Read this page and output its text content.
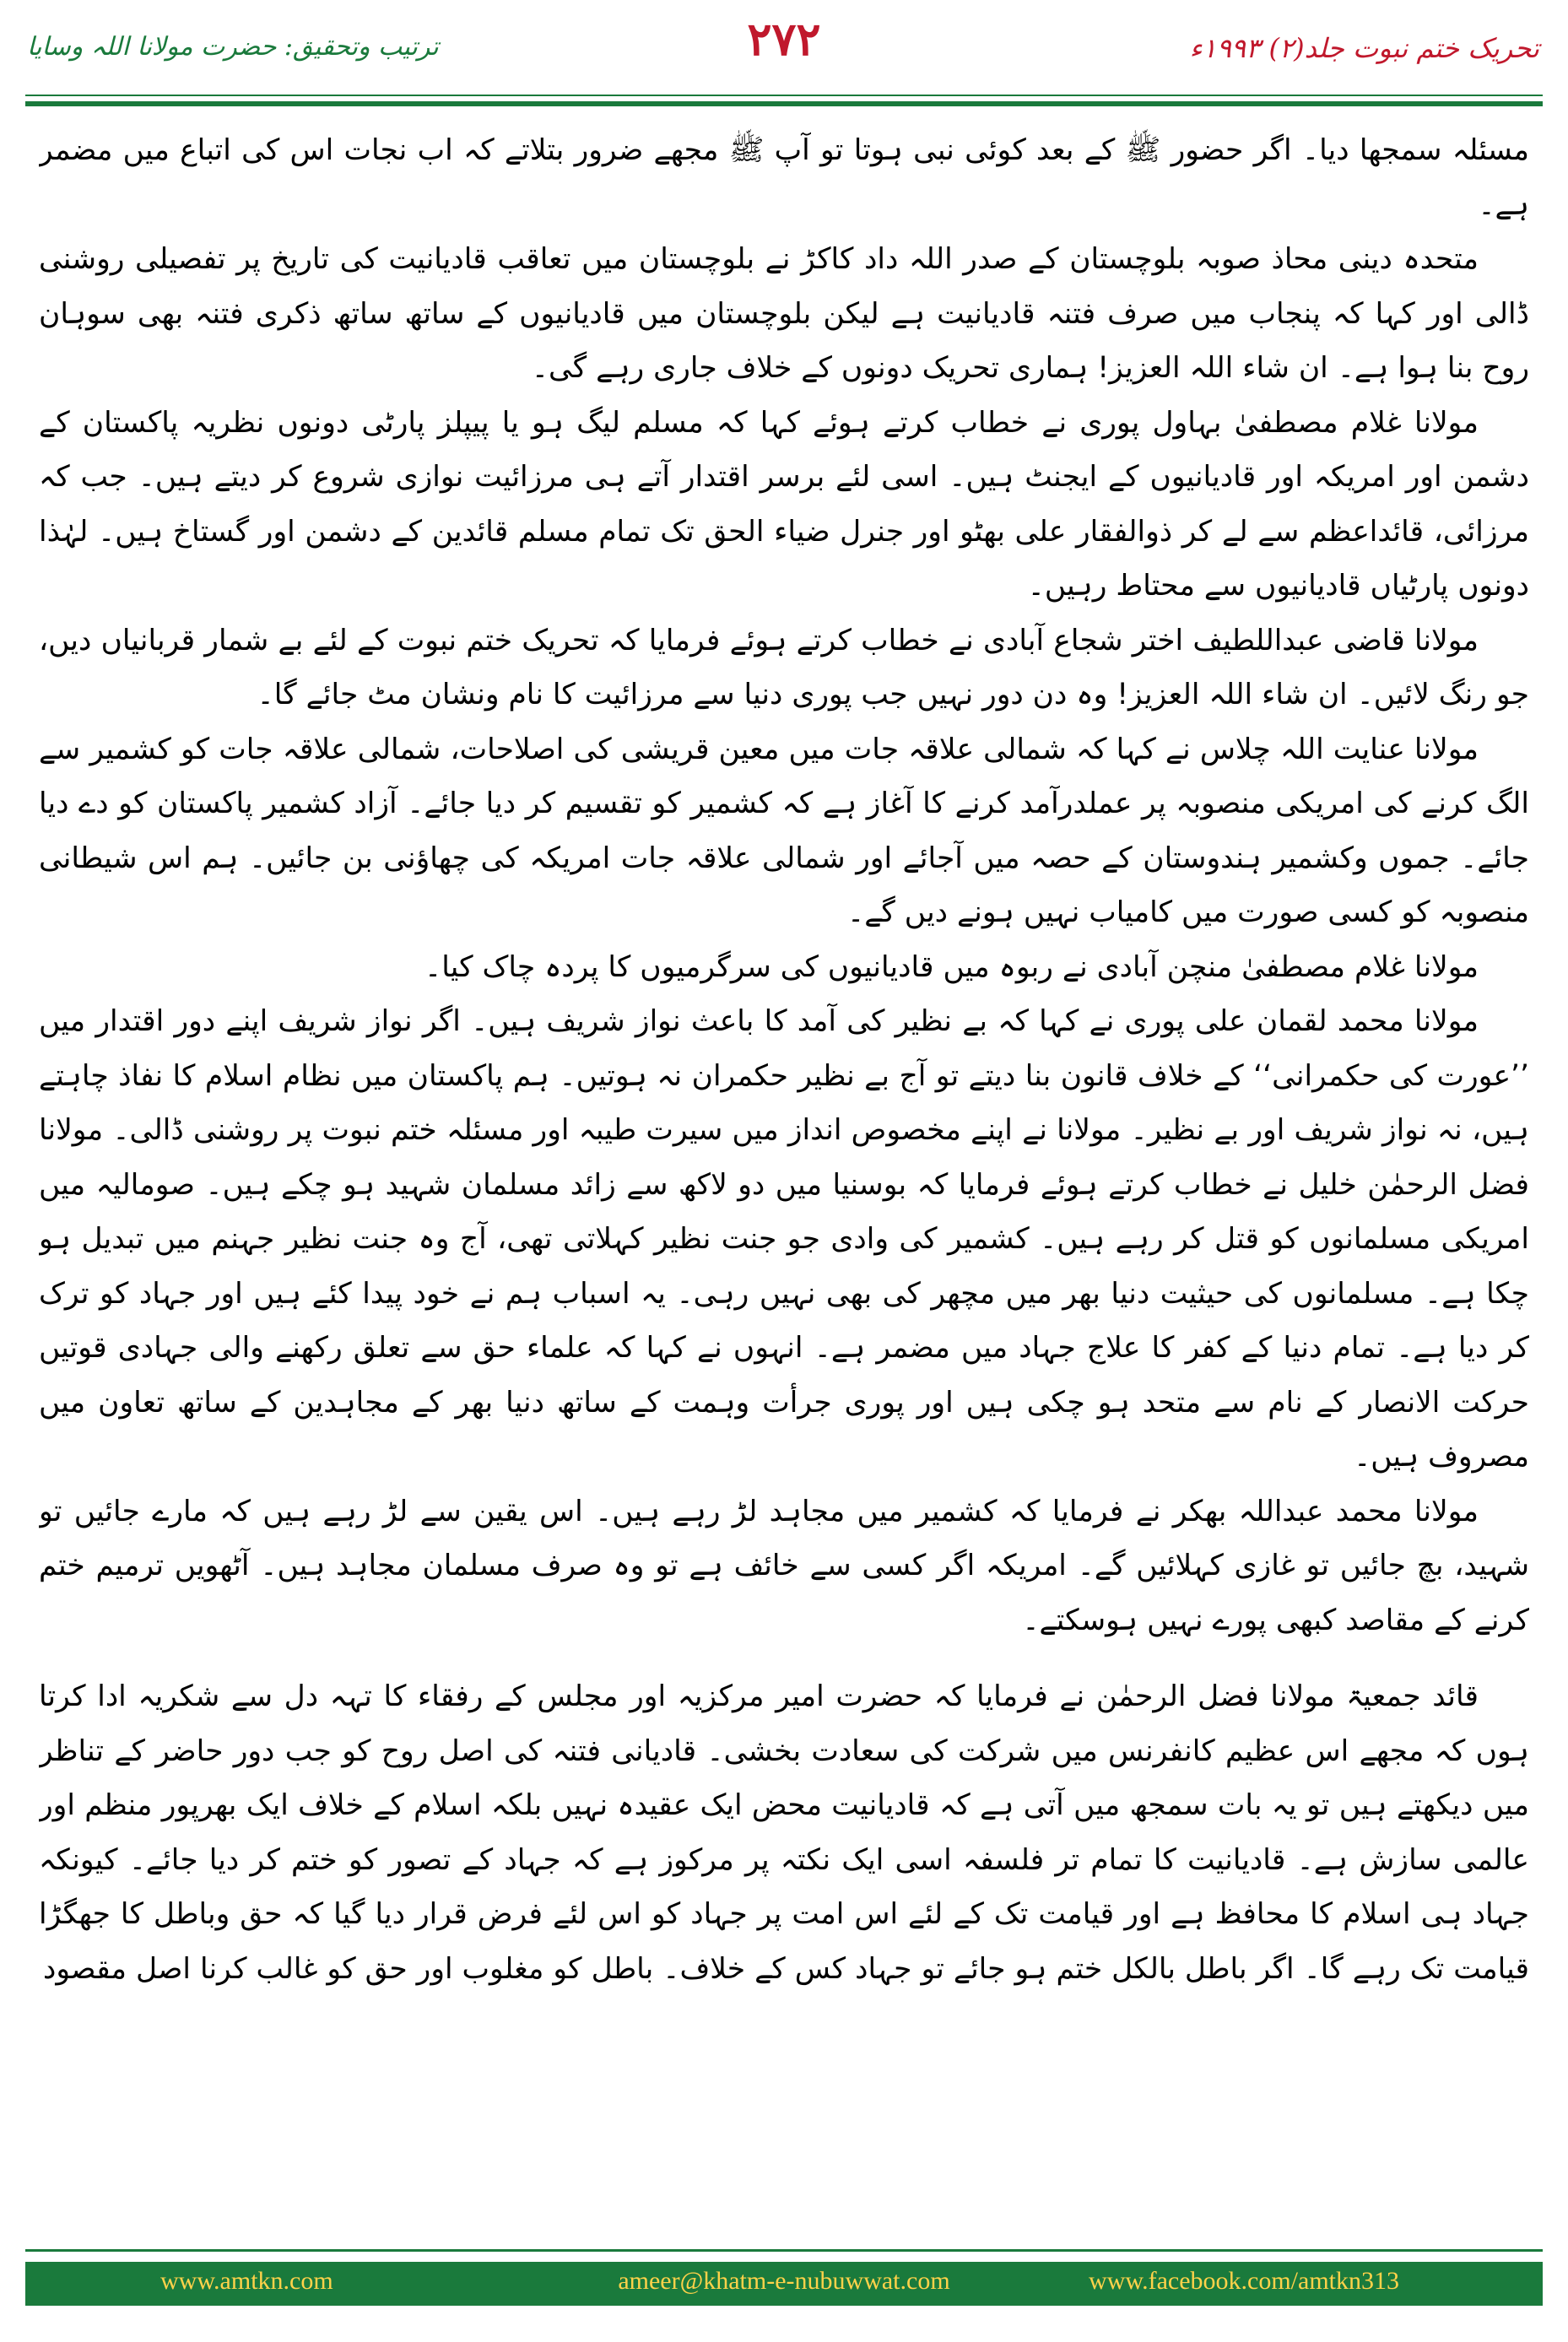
ترتیب وتحقیق: حضرت مولانا اللہ وسایا	۲۷۲	تحریک ختم نبوت جلد(۲) ۱۹۹۳ء

مسئلہ سمجھا دیا۔ اگر حضور ﷺ کے بعد کوئی نبی ہوتا تو آپ ﷺ مجھے ضرور بتلاتے کہ اب نجات اس کی اتباع میں مضمر ہے۔

متحدہ دینی محاذ صوبہ بلوچستان کے صدر اللہ داد کاکڑ نے بلوچستان میں تعاقب قادیانیت کی تاریخ پر تفصیلی روشنی ڈالی اور کہا کہ پنجاب میں صرف فتنہ قادیانیت ہے لیکن بلوچستان میں قادیانیوں کے ساتھ ساتھ ذکری فتنہ بھی سوہان روح بنا ہوا ہے۔ ان شاء اللہ العزیز! ہماری تحریک دونوں کے خلاف جاری رہے گی۔

مولانا غلام مصطفیٰ بہاول پوری نے خطاب کرتے ہوئے کہا کہ مسلم لیگ ہو یا پیپلز پارٹی دونوں نظریہ پاکستان کے دشمن اور امریکہ اور قادیانیوں کے ایجنٹ ہیں۔ اسی لئے برسر اقتدار آتے ہی مرزائیت نوازی شروع کر دیتے ہیں۔ جب کہ مرزائی، قائداعظم سے لے کر ذوالفقار علی بھٹو اور جنرل ضیاء الحق تک تمام مسلم قائدین کے دشمن اور گستاخ ہیں۔ لہٰذا دونوں پارٹیاں قادیانیوں سے محتاط رہیں۔

مولانا قاضی عبداللطیف اختر شجاع آبادی نے خطاب کرتے ہوئے فرمایا کہ تحریک ختم نبوت کے لئے بے شمار قربانیاں دیں، جو رنگ لائیں۔ ان شاء اللہ العزیز! وہ دن دور نہیں جب پوری دنیا سے مرزائیت کا نام ونشان مٹ جائے گا۔

مولانا عنایت اللہ چلاس نے کہا کہ شمالی علاقہ جات میں معین قریشی کی اصلاحات، شمالی علاقہ جات کو کشمیر سے الگ کرنے کی امریکی منصوبہ پر عملدرآمد کرنے کا آغاز ہے کہ کشمیر کو تقسیم کر دیا جائے۔ آزاد کشمیر پاکستان کو دے دیا جائے۔ جموں وکشمیر ہندوستان کے حصہ میں آجائے اور شمالی علاقہ جات امریکہ کی چھاؤنی بن جائیں۔ ہم اس شیطانی منصوبہ کو کسی صورت میں کامیاب نہیں ہونے دیں گے۔

مولانا غلام مصطفیٰ منچن آبادی نے ربوہ میں قادیانیوں کی سرگرمیوں کا پردہ چاک کیا۔

مولانا محمد لقمان علی پوری نے کہا کہ بے نظیر کی آمد کا باعث نواز شریف ہیں۔ اگر نواز شریف اپنے دور اقتدار میں ’’عورت کی حکمرانی‘‘ کے خلاف قانون بنا دیتے تو آج بے نظیر حکمران نہ ہوتیں۔ ہم پاکستان میں نظام اسلام کا نفاذ چاہتے ہیں، نہ نواز شریف اور بے نظیر۔ مولانا نے اپنے مخصوص انداز میں سیرت طیبہ اور مسئلہ ختم نبوت پر روشنی ڈالی۔ مولانا فضل الرحمٰن خلیل نے خطاب کرتے ہوئے فرمایا کہ بوسنیا میں دو لاکھ سے زائد مسلمان شہید ہو چکے ہیں۔ صومالیہ میں امریکی مسلمانوں کو قتل کر رہے ہیں۔ کشمیر کی وادی جو جنت نظیر کہلاتی تھی، آج وہ جنت نظیر جہنم میں تبدیل ہو چکا ہے۔ مسلمانوں کی حیثیت دنیا بھر میں مچھر کی بھی نہیں رہی۔ یہ اسباب ہم نے خود پیدا کئے ہیں اور جہاد کو ترک کر دیا ہے۔ تمام دنیا کے کفر کا علاج جہاد میں مضمر ہے۔ انہوں نے کہا کہ علماء حق سے تعلق رکھنے والی جہادی قوتیں حرکت الانصار کے نام سے متحد ہو چکی ہیں اور پوری جرأت وہمت کے ساتھ دنیا بھر کے مجاہدین کے ساتھ تعاون میں مصروف ہیں۔

مولانا محمد عبداللہ بھکر نے فرمایا کہ کشمیر میں مجاہد لڑ رہے ہیں۔ اس یقین سے لڑ رہے ہیں کہ مارے جائیں تو شہید، بچ جائیں تو غازی کہلائیں گے۔ امریکہ اگر کسی سے خائف ہے تو وہ صرف مسلمان مجاہد ہیں۔ آٹھویں ترمیم ختم کرنے کے مقاصد کبھی پورے نہیں ہوسکتے۔

قائد جمعیۃ مولانا فضل الرحمٰن نے فرمایا کہ حضرت امیر مرکزیہ اور مجلس کے رفقاء کا تہہ دل سے شکریہ ادا کرتا ہوں کہ مجھے اس عظیم کانفرنس میں شرکت کی سعادت بخشی۔ قادیانی فتنہ کی اصل روح کو جب دور حاضر کے تناظر میں دیکھتے ہیں تو یہ بات سمجھ میں آتی ہے کہ قادیانیت محض ایک عقیدہ نہیں بلکہ اسلام کے خلاف ایک بھرپور منظم اور عالمی سازش ہے۔ قادیانیت کا تمام تر فلسفہ اسی ایک نکتہ پر مرکوز ہے کہ جہاد کے تصور کو ختم کر دیا جائے۔ کیونکہ جہاد ہی اسلام کا محافظ ہے اور قیامت تک کے لئے اس امت پر جہاد کو اس لئے فرض قرار دیا گیا کہ حق وباطل کا جھگڑا قیامت تک رہے گا۔ اگر باطل بالکل ختم ہو جائے تو جہاد کس کے خلاف۔ باطل کو مغلوب اور حق کو غالب کرنا اصل مقصود

www.amtkn.com	ameer@khatm-e-nubuwwat.com	www.facebook.com/amtkn313
